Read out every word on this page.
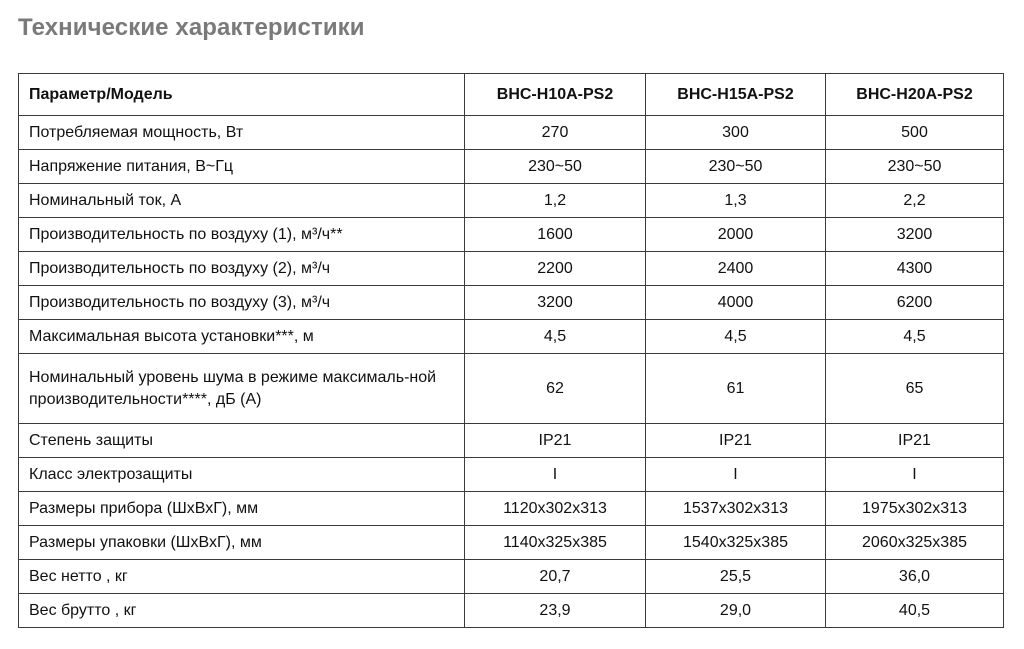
Технические характеристики
Параметр/Модель	BHC-H10A-PS2	BHC-H15A-PS2	BHC-H20A-PS2
Потребляемая мощность, Вт	270	300	500
Напряжение питания, В~Гц	230~50	230~50	230~50
Номинальный ток, А	1,2	1,3	2,2
Производительность по воздуху (1), м³/ч**	1600	2000	3200
Производительность по воздуху (2), м³/ч	2200	2400	4300
Производительность по воздуху (3), м³/ч	3200	4000	6200
Максимальная высота установки***, м	4,5	4,5	4,5
Номинальный уровень шума в режиме максималь-ной производительности****, дБ (А)	62	61	65
Степень защиты	IP21	IP21	IP21
Класс электрозащиты	I	I	I
Размеры прибора (ШхВхГ), мм	1120x302x313	1537x302x313	1975x302x313
Размеры упаковки (ШхВхГ), мм	1140x325x385	1540x325x385	2060x325x385
Вес нетто , кг	20,7	25,5	36,0
Вес брутто , кг	23,9	29,0	40,5
